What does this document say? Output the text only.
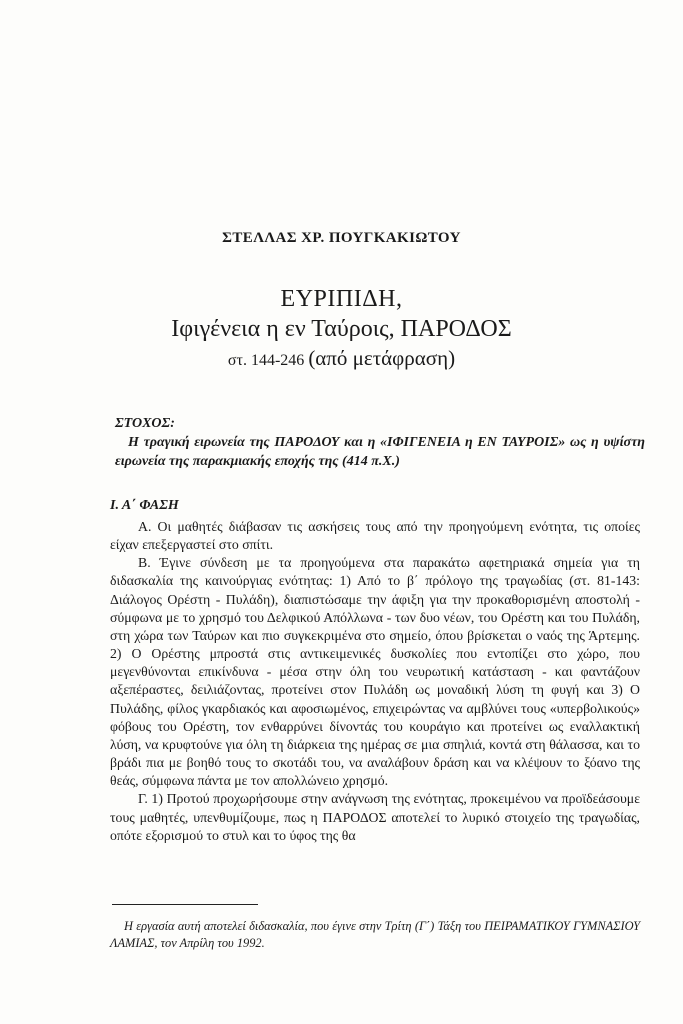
ΣΤΕΛΛΑΣ ΧΡ. ΠΟΥΓΚΑΚΙΩΤΟΥ
ΕΥΡΙΠΙΔΗ,
Ιφιγένεια η εν Ταύροις, ΠΑΡΟΔΟΣ
στ. 144-246 (από μετάφραση)
ΣΤΟΧΟΣ:
Η τραγική ειρωνεία της ΠΑΡΟΔΟΥ και η «ΙΦΙΓΕΝΕΙΑ η ΕΝ ΤΑΥΡΟΙΣ» ως η υψίστη ειρωνεία της παρακμιακής εποχής της (414 π.Χ.)
Ι. Α΄ ΦΑΣΗ

Α. Οι μαθητές διάβασαν τις ασκήσεις τους από την προηγούμενη ενότητα, τις οποίες είχαν επεξεργαστεί στο σπίτι.

Β. Έγινε σύνδεση με τα προηγούμενα στα παρακάτω αφετηριακά σημεία για τη διδασκαλία της καινούργιας ενότητας: 1) Από το β΄ πρόλογο της τραγωδίας (στ. 81-143: Διάλογος Ορέστη - Πυλάδη), διαπιστώσαμε την άφιξη για την προκαθορισμένη αποστολή - σύμφωνα με το χρησμό του Δελφικού Απόλλωνα - των δυο νέων, του Ορέστη και του Πυλάδη, στη χώρα των Ταύρων και πιο συγκεκριμένα στο σημείο, όπου βρίσκεται ο ναός της Άρτεμης. 2) Ο Ορέστης μπροστά στις αντικειμενικές δυσκολίες που εντοπίζει στο χώρο, που μεγενθύνονται επικίνδυνα - μέσα στην όλη του νευρωτική κατάσταση - και φαντάζουν αξεπέραστες, δειλιάζοντας, προτείνει στον Πυλάδη ως μοναδική λύση τη φυγή και 3) Ο Πυλάδης, φίλος γκαρδιακός και αφοσιωμένος, επιχειρώντας να αμβλύνει τους «υπερβολικούς» φόβους του Ορέστη, τον ενθαρρύνει δίνοντάς του κουράγιο και προτείνει ως εναλλακτική λύση, να κρυφτούνε για όλη τη διάρκεια της ημέρας σε μια σπηλιά, κοντά στη θάλασσα, και το βράδι πια με βοηθό τους το σκοτάδι του, να αναλάβουν δράση και να κλέψουν το ξόανο της θεάς, σύμφωνα πάντα με τον απολλώνειο χρησμό.

Γ. 1) Προτού προχωρήσουμε στην ανάγνωση της ενότητας, προκειμένου να προϊδεάσουμε τους μαθητές, υπενθυμίζουμε, πως η ΠΑΡΟΔΟΣ αποτελεί το λυρικό στοιχείο της τραγωδίας, οπότε εξορισμού το στυλ και το ύφος της θα

Η εργασία αυτή αποτελεί διδασκαλία, που έγινε στην Τρίτη (Γ΄) Τάξη του ΠΕΙΡΑΜΑΤΙΚΟΥ ΓΥΜΝΑΣΙΟΥ ΛΑΜΙΑΣ, τον Απρίλη του 1992.
